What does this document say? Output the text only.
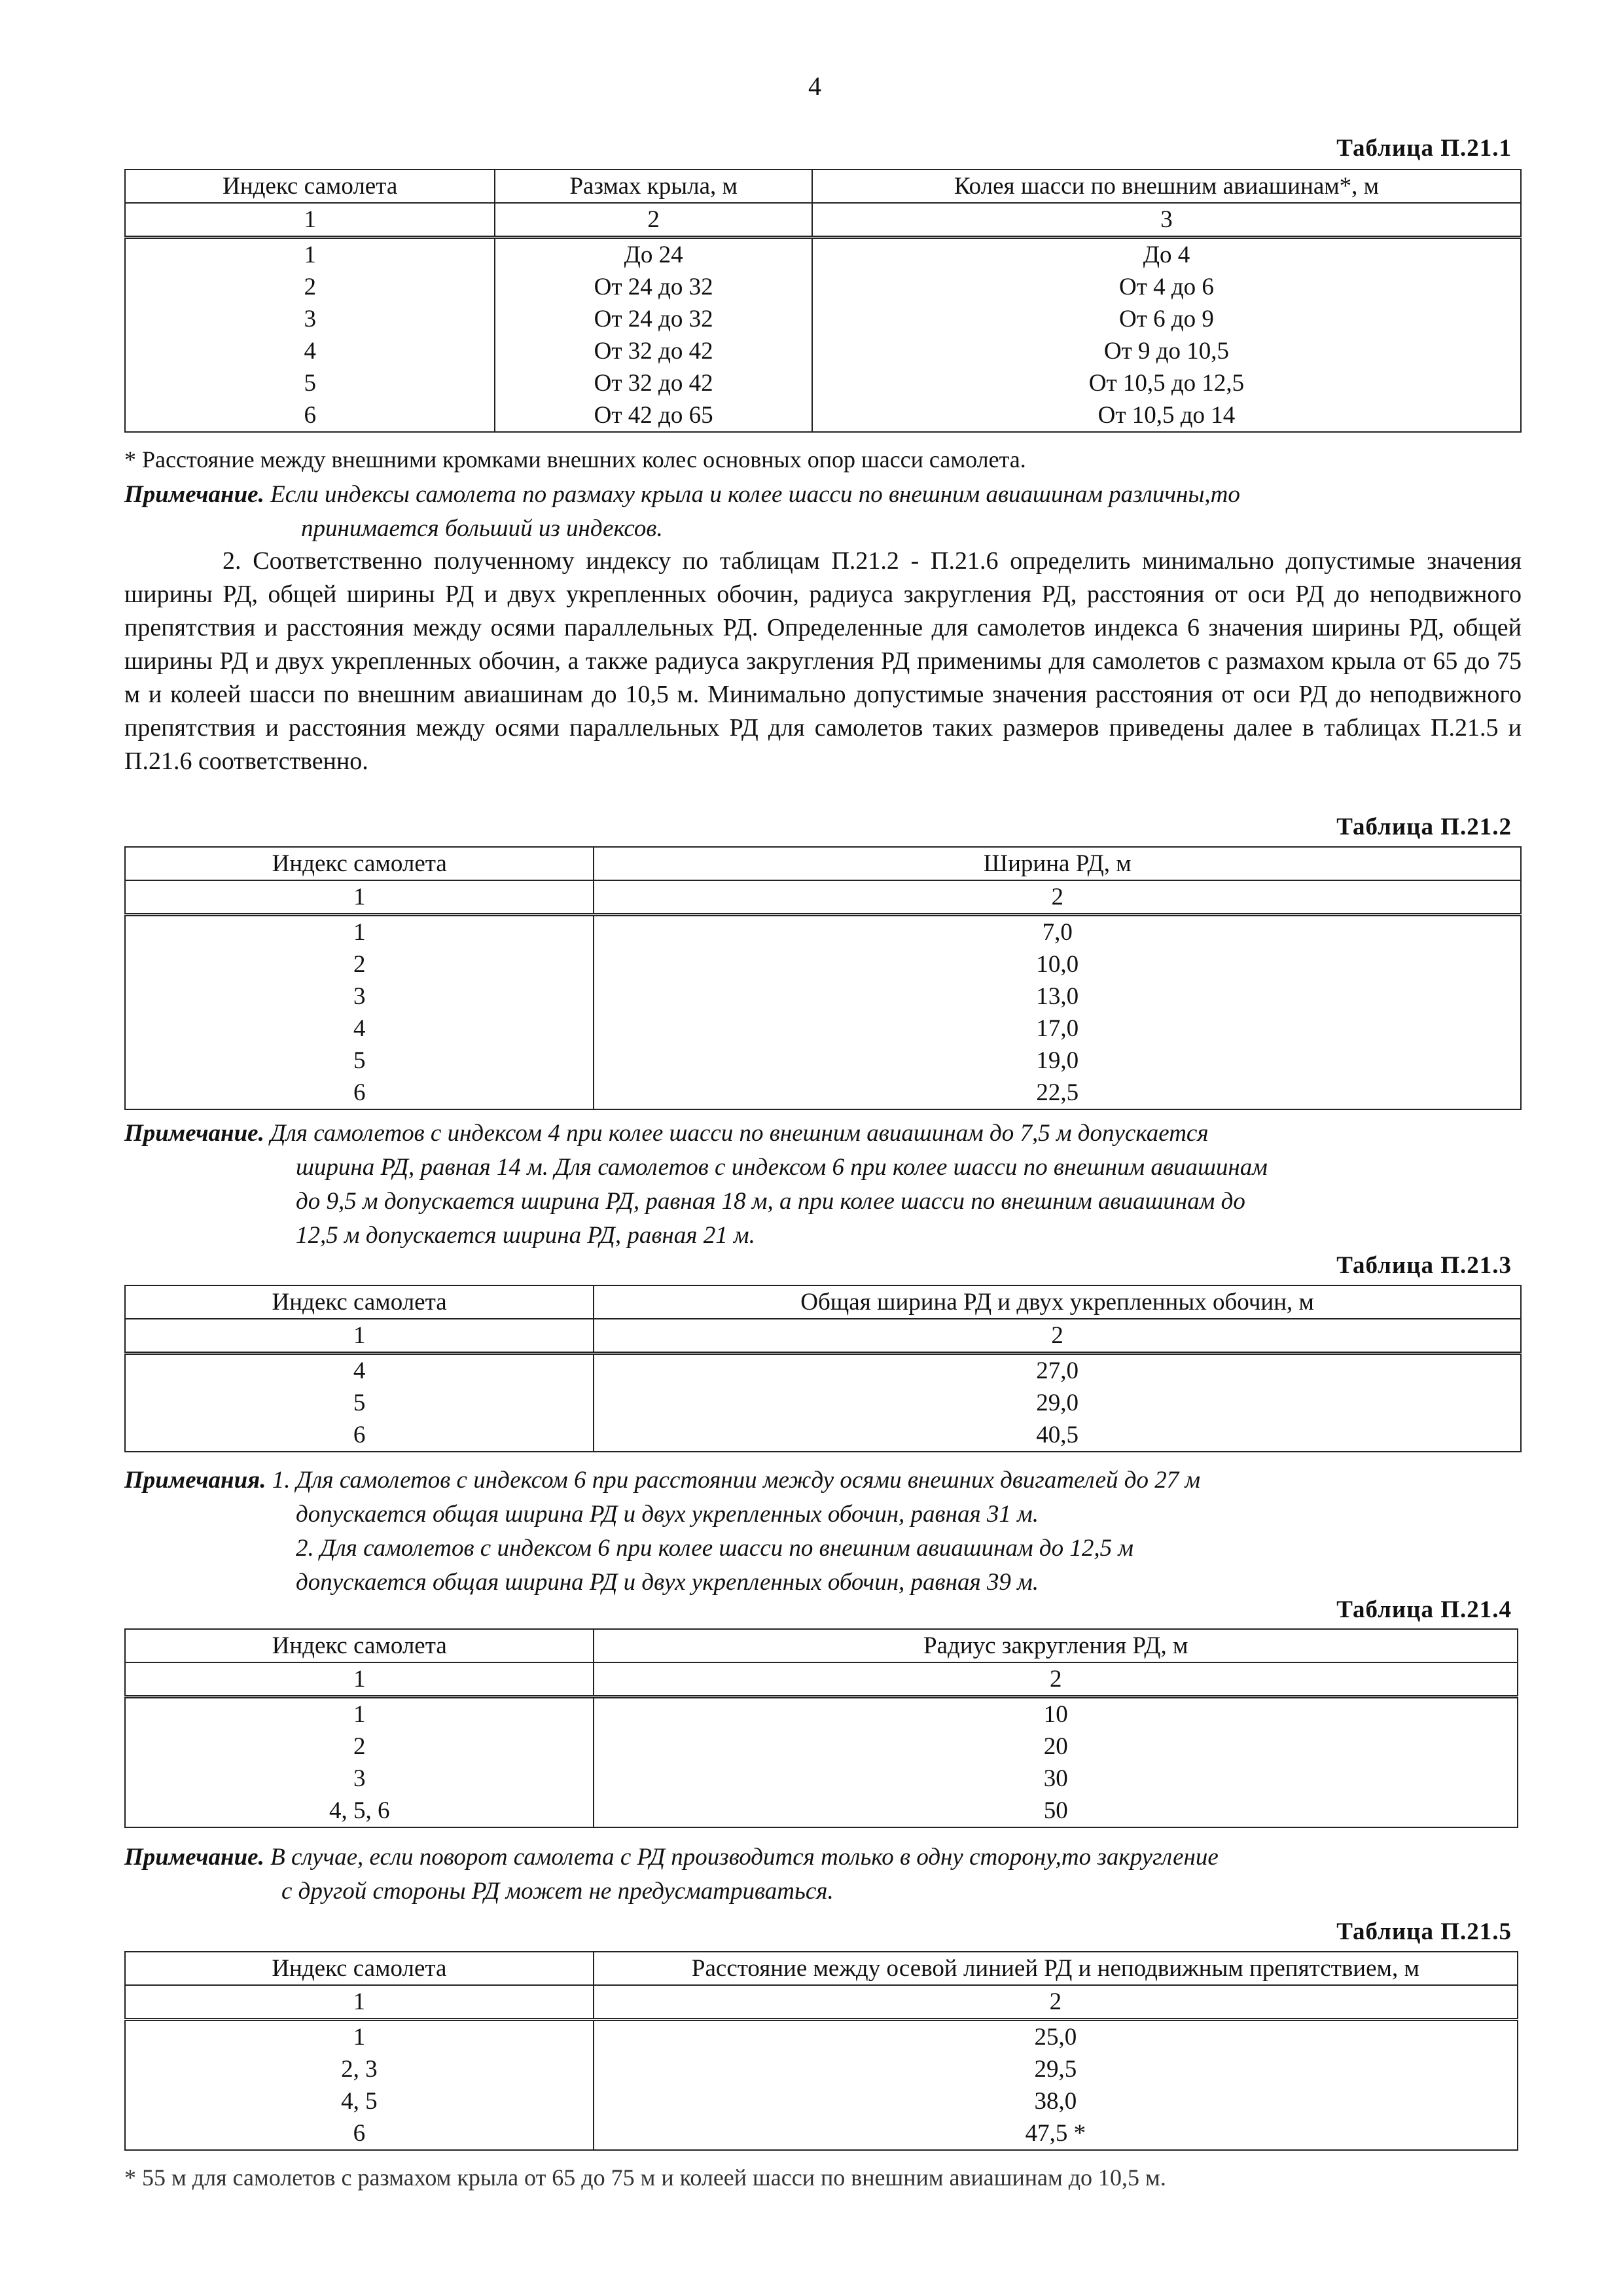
4
Таблица П.21.1
Индекс самолета	Размах крыла, м	Колея шасси по внешним авиашинам*, м
1	2	3
1	До 24	До 4
2	От 24 до 32	От 4 до 6
3	От 24 до 32	От 6 до 9
4	От 32 до 42	От 9 до 10,5
5	От 32 до 42	От 10,5 до 12,5
6	От 42 до 65	От 10,5 до 14
* Расстояние между внешними кромками внешних колес основных опор шасси самолета.
Примечание. Если индексы самолета по размаху крыла и колее шасси по внешним авиашинам различны,то
принимается больший из индексов.
2. Соответственно полученному индексу по таблицам П.21.2 - П.21.6 определить минимально допустимые значения ширины РД, общей ширины РД и двух укрепленных обочин, радиуса закругления РД, расстояния от оси РД до неподвижного препятствия и расстояния между осями параллельных РД. Определенные для самолетов индекса 6 значения ширины РД, общей ширины РД и двух укрепленных обочин, а также радиуса закругления РД применимы для самолетов с размахом крыла от 65 до 75 м и колеей шасси по внешним авиашинам до 10,5 м. Минимально допустимые значения расстояния от оси РД до неподвижного препятствия и расстояния между осями параллельных РД для самолетов таких размеров приведены далее в таблицах П.21.5 и П.21.6 соответственно.
Таблица П.21.2
Индекс самолета	Ширина РД, м
1	2
1	7,0
2	10,0
3	13,0
4	17,0
5	19,0
6	22,5
Примечание. Для самолетов с индексом 4 при колее шасси по внешним авиашинам до 7,5 м допускается
ширина РД, равная 14 м. Для самолетов с индексом 6 при колее шасси по внешним авиашинам
до 9,5 м допускается ширина РД, равная 18 м, а при колее шасси по внешним авиашинам до
12,5 м допускается ширина РД, равная 21 м.
Таблица П.21.3
Индекс самолета	Общая ширина РД и двух укрепленных обочин, м
1	2
4	27,0
5	29,0
6	40,5
Примечания. 1. Для самолетов с индексом 6 при расстоянии между осями внешних двигателей до 27 м
допускается общая ширина РД и двух укрепленных обочин, равная 31 м.
2. Для самолетов с индексом 6 при колее шасси по внешним авиашинам до 12,5 м
допускается общая ширина РД и двух укрепленных обочин, равная 39 м.
Таблица П.21.4
Индекс самолета	Радиус закругления РД, м
1	2
1	10
2	20
3	30
4, 5, 6	50
Примечание. В случае, если поворот самолета с РД производится только в одну сторону,то закругление
с другой стороны РД может не предусматриваться.
Таблица П.21.5
Индекс самолета	Расстояние между осевой линией РД и неподвижным препятствием, м
1	2
1	25,0
2, 3	29,5
4, 5	38,0
6	47,5 *
* 55 м для самолетов с размахом крыла от 65 до 75 м и колеей шасси по внешним авиашинам до 10,5 м.
